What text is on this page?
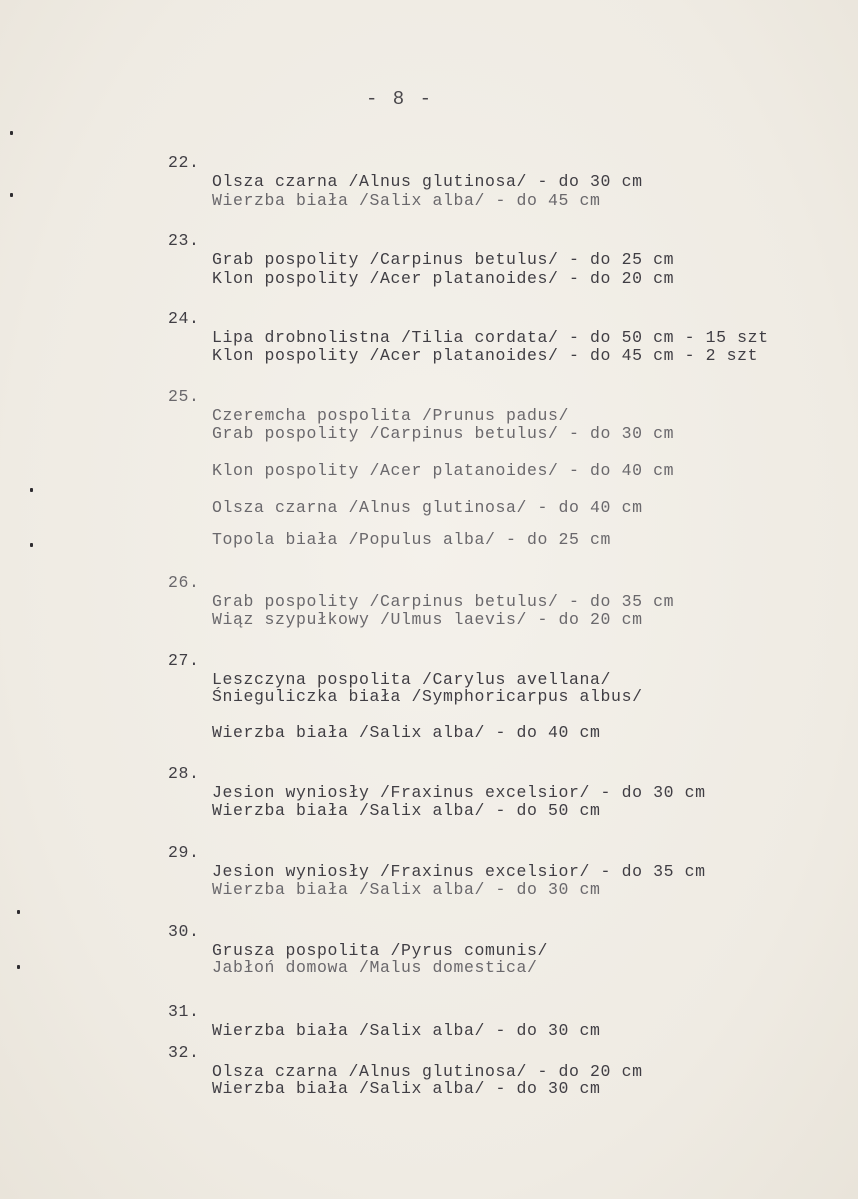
- 8 -

22.

Olsza czarna /Alnus glutinosa/ - do 30 cm

Wierzba biała /Salix alba/ - do 45 cm

23.

Grab pospolity /Carpinus betulus/ - do 25 cm

Klon pospolity /Acer platanoides/ - do 20 cm

24.

Lipa drobnolistna /Tilia cordata/ - do 50 cm - 15 szt

Klon pospolity /Acer platanoides/ - do 45 cm - 2 szt

25.

Czeremcha pospolita /Prunus padus/

Grab pospolity /Carpinus betulus/ - do 30 cm

Klon pospolity /Acer platanoides/ - do 40 cm

Olsza czarna /Alnus glutinosa/ - do 40 cm

Topola biała /Populus alba/ - do 25 cm

26.

Grab pospolity /Carpinus betulus/ - do 35 cm

Wiąz szypułkowy /Ulmus laevis/ - do 20 cm

27.

Leszczyna pospolita /Carylus avellana/

Śnieguliczka biała /Symphoricarpus albus/

Wierzba biała /Salix alba/ - do 40 cm

28.

Jesion wyniosły /Fraxinus excelsior/ - do 30 cm

Wierzba biała /Salix alba/ - do 50 cm

29.

Jesion wyniosły /Fraxinus excelsior/ - do 35 cm

Wierzba biała /Salix alba/ - do 30 cm

30.

Grusza pospolita /Pyrus comunis/

Jabłoń domowa /Malus domestica/

31.

Wierzba biała /Salix alba/ - do 30 cm

32.

Olsza czarna /Alnus glutinosa/ - do 20 cm

Wierzba biała /Salix alba/ - do 30 cm
